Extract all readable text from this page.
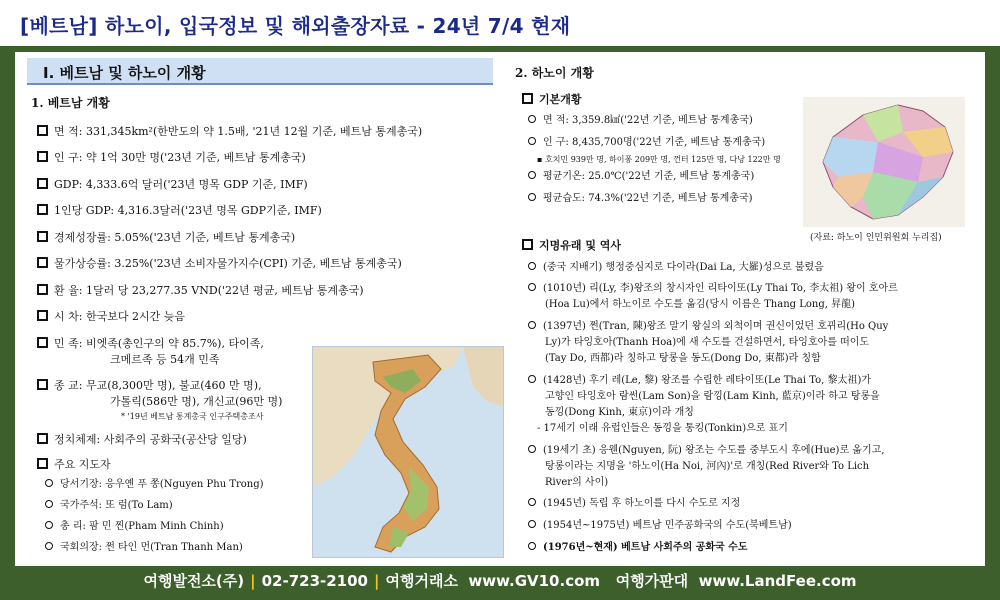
[베트남] 하노이, 입국정보 및 해외출장자료 - 24년 7/4 현재
Ⅰ. 베트남 및 하노이 개황
1. 베트남 개황
면 적: 331,345km²(한반도의 약 1.5배, '21년 12월 기준, 베트남 통계총국)
인 구: 약 1억 30만 명('23년 기준, 베트남 통계총국)
GDP: 4,333.6억 달러('23년 명목 GDP 기준, IMF)
1인당 GDP: 4,316.3달러('23년 명목 GDP기준, IMF)
경제성장률: 5.05%('23년 기준, 베트남 통계총국)
물가상승률: 3.25%('23년 소비자물가지수(CPI) 기준, 베트남 통계총국)
환 율: 1달러 당 23,277.35 VND('22년 평균, 베트남 통계총국)
시 차: 한국보다 2시간 늦음
민 족: 비엣족(총인구의 약 85.7%), 타이족,
크메르족 등 54개 민족
종 교: 무교(8,300만 명), 불교(460 만 명),
가톨릭(586만 명), 개신교(96만 명)
* '19년 베트남 통계총국 인구주택총조사
정치체제: 사회주의 공화국(공산당 일당)
주요 지도자
당서기장: 응우옌 푸 쫑(Nguyen Phu Trong)
국가주석: 또 럼(To Lam)
총 리: 팜 민 찐(Pham Minh Chinh)
국회의장: 쩐 타인 먼(Tran Thanh Man)
2. 하노이 개황
기본개황
면 적: 3,359.8㎢('22년 기준, 베트남 통계총국)
인 구: 8,435,700명('22년 기준, 베트남 통계총국)
▪ 호치민 939만 명, 하이퐁 209만 명, 껀터 125만 명, 다낭 122만 명
평균기온: 25.0℃('22년 기준, 베트남 통계총국)
평균습도: 74.3%('22년 기준, 베트남 통계총국)
(자료: 하노이 인민위원회 누리집)
지명유래 및 역사
(중국 지배기) 행정중심지로 다이라(Dai La, 大羅)성으로 불렸음
(1010년) 리(Ly, 李)왕조의 창시자인 리타이또(Ly Thai To, 李太祖) 왕이 호아르
(Hoa Lu)에서 하노이로 수도를 옮김(당시 이름은 Thang Long, 昇龍)
(1397년) 쩐(Tran, 陳)왕조 말기 왕실의 외척이며 권신이었던 호뀌리(Ho Quy
Ly)가 타잉호아(Thanh Hoa)에 새 수도를 건설하면서, 타잉호아를 떠이도
(Tay Do, 西都)라 칭하고 탕롱을 동도(Dong Do, 東都)라 칭함
(1428년) 후기 레(Le, 黎) 왕조를 수립한 레타이또(Le Thai To, 黎太祖)가
고향인 타잉호아 람썬(Lam Son)을 람낑(Lam Kinh, 藍京)이라 하고 탕롱을
동낑(Dong Kinh, 東京)이라 개칭
- 17세기 이래 유럽인들은 동낑을 통킹(Tonkin)으로 표기
(19세기 초) 응웬(Nguyen, 阮) 왕조는 수도를 중부도시 후에(Hue)로 옮기고,
탕롱이라는 지명을 '하노이(Ha Noi, 河內)'로 개칭(Red River와 To Lich
River의 사이)
(1945년) 독립 후 하노이를 다시 수도로 지정
(1954년~1975년) 베트남 민주공화국의 수도(북베트남)
(1976년~현재) 베트남 사회주의 공화국 수도
여행발전소(주) | 02-723-2100 | 여행거래소 www.GV10.com 여행가판대 www.LandFee.com
